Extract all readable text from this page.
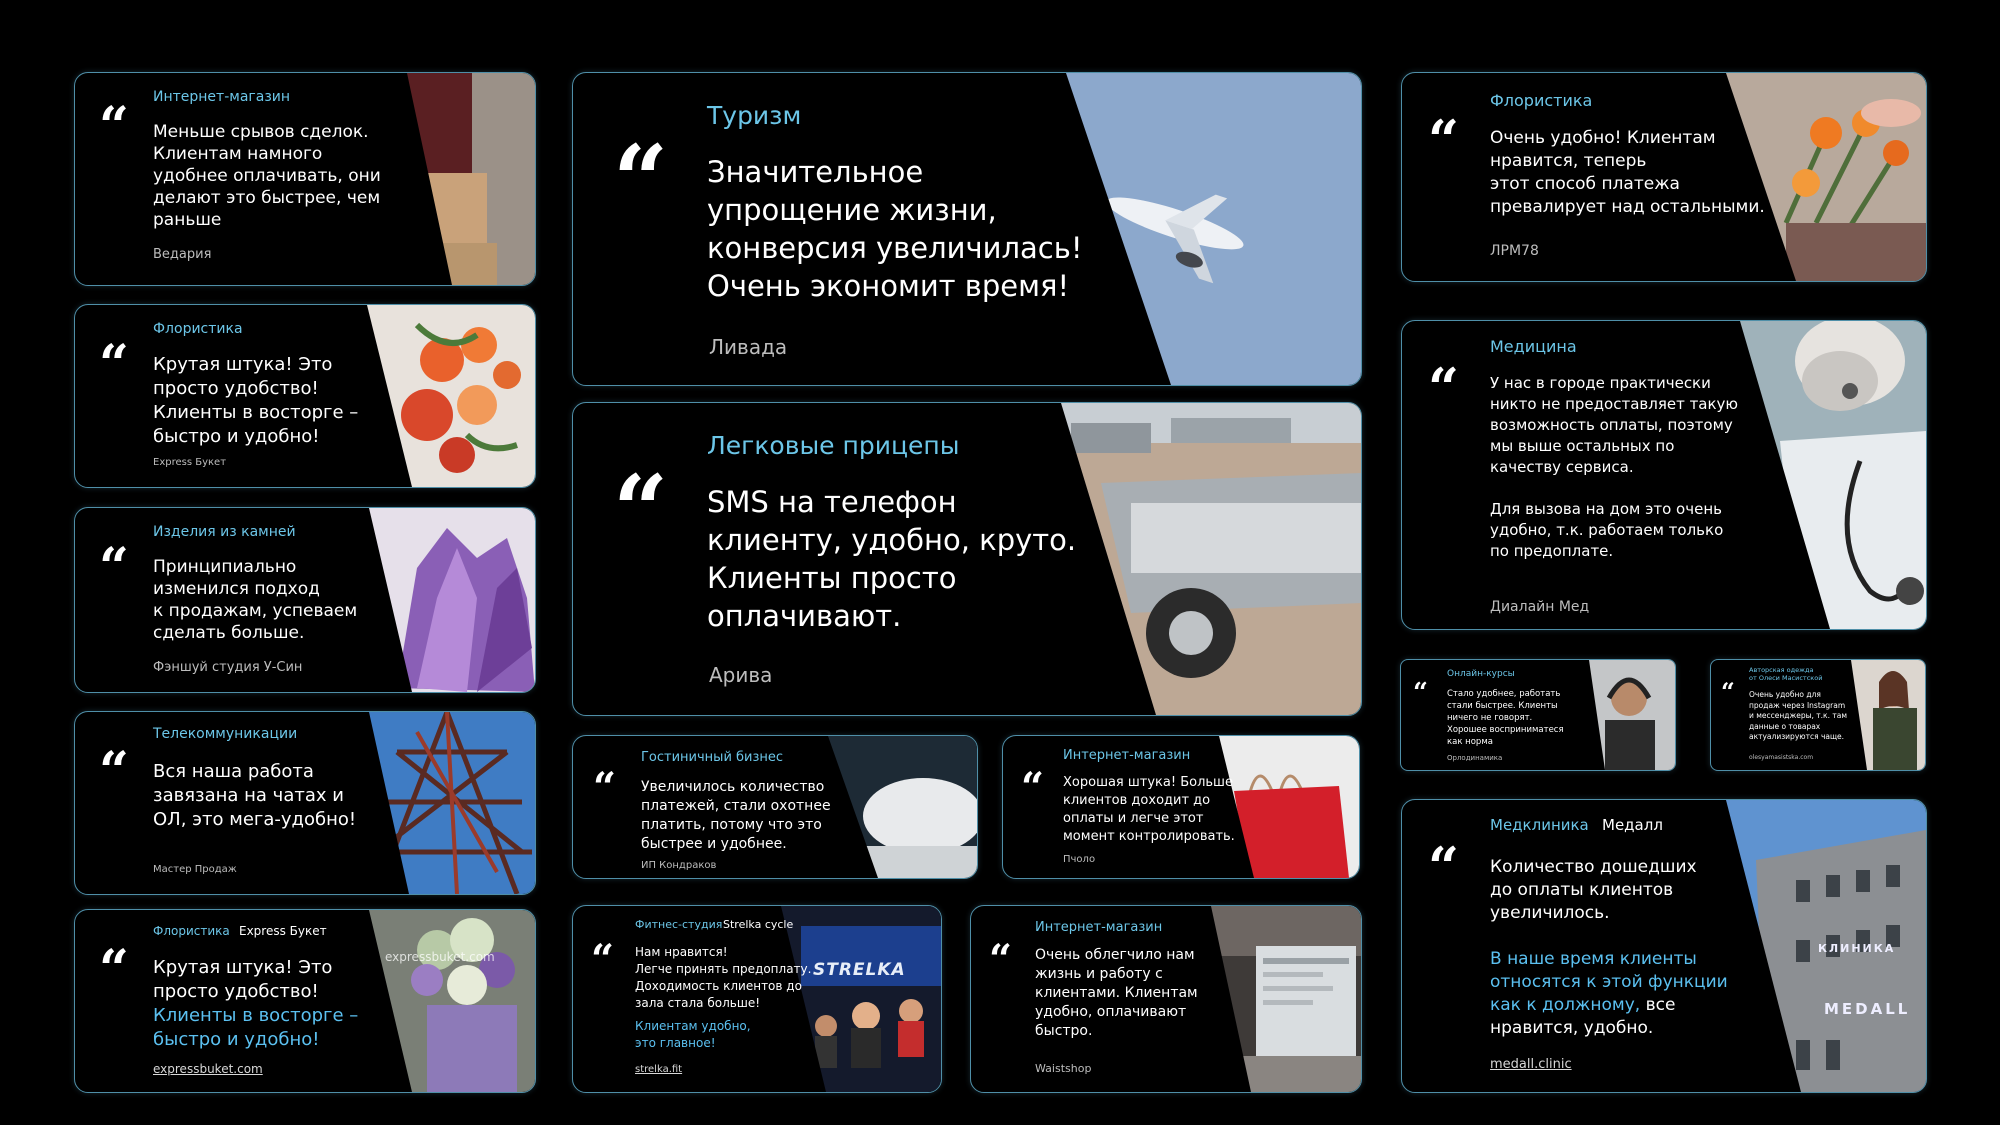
“ Интернет-магазин
Меньше срывов сделок.
Клиентам намного
удобнее оплачивать, они
делают это быстрее, чем
раньше
Ведария
“
Флористика
Крутая штука! Это
просто удобство!
Клиенты в восторге –
быстро и удобно!
Express Букет
“
Изделия из камней
Принципиально
изменился подход
к продажам, успеваем
сделать больше.
Фэншуй студия У-Син
“
Телекоммуникации
Вся наша работа
завязана на чатах и
ОЛ, это мега-удобно!
Мастер Продаж
expressbuket.com
“
Флористика Express Букет
Крутая штука! Это
просто удобство!
Клиенты в восторге –
быстро и удобно!
expressbuket.com
“
Туризм
Значительное
упрощение жизни,
конверсия увеличилась!
Очень экономит время!
Ливада
“
Легковые прицепы
SMS на телефон
клиенту, удобно, круто.
Клиенты просто
оплачивают.
Арива
“
Гостиничный бизнес
Увеличилось количество
платежей, стали охотнее
платить, потому что это
быстрее и удобнее.
ИП Кондраков
“
Интернет-магазин
Хорошая штука! Больше
клиентов доходит до
оплаты и легче этот
момент контролировать.
Пчоло
STRELKA
“
Фитнес-студия Strelka cycle
Нам нравится!
Легче принять предоплату.
Доходимость клиентов до
зала стала больше!
Клиентам удобно,
это главное!
strelka.fit
“
Интернет-магазин
Очень облегчило нам
жизнь и работу с
клиентами. Клиентам
удобно, оплачивают
быстро.
Waistshop
“
Флористика
Очень удобно! Клиентам
нравится, теперь
этот способ платежа
превалирует над остальными.
ЛРМ78
“
Медицина
У нас в городе практически
никто не предоставляет такую
возможность оплаты, поэтому
мы выше остальных по
качеству сервиса.

Для вызова на дом это очень
удобно, т.к. работаем только
по предоплате.
Диалайн Мед
“
Онлайн-курсы
Стало удобнее, работать
стали быстрее. Клиенты
ничего не говорят.
Хорошее восприниматеся
как норма
Орлодинамика
“
Авторская одежда
от Олеси Масистской
Очень удобно для
продаж через Instagram
и мессенджеры, т.к. там
данные о товарах
актуализируются чаще.
olesyamasistska.com
КЛИНИКА
MEDALL
“
Медклиника Медалл
Количество дошедших
до оплаты клиентов
увеличилось.
В наше время клиенты
относятся к этой функции
как к должному, все
нравится, удобно.
medall.clinic
